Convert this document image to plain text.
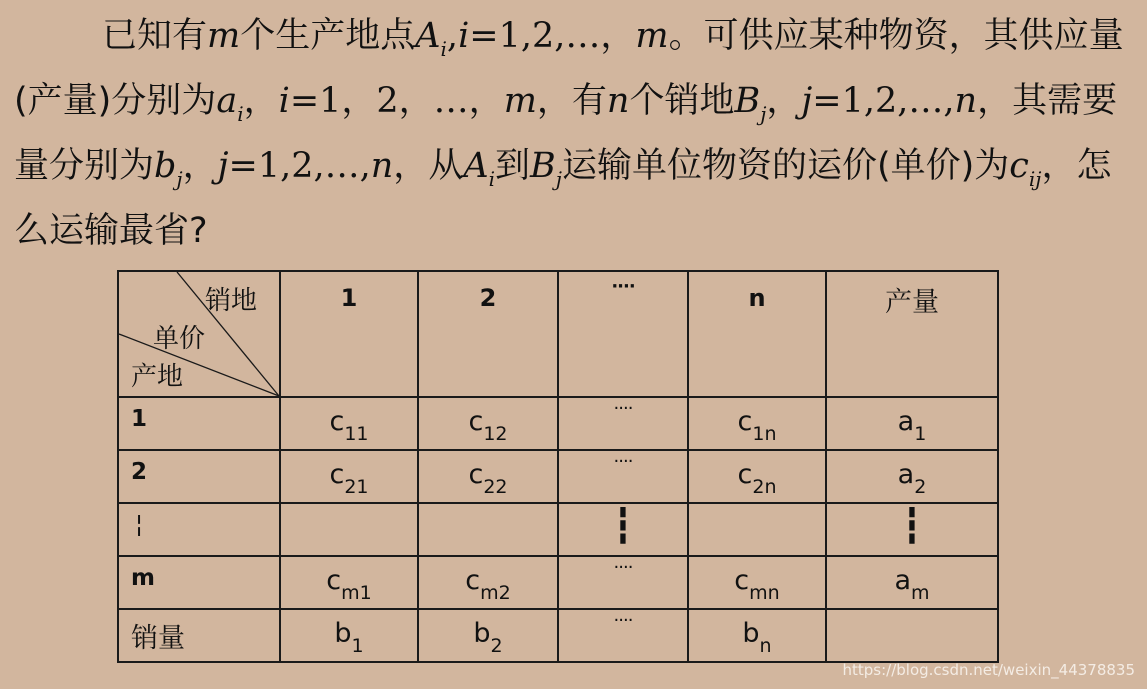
已知有m个生产地点$A_i,i=1,2,\dots$，m。可供应某种物资，其供应量(产量)分别为$a_i$，i=1，2，…，m，有n个销地$B_j$，j=1,2,…,n，其需要量分别为$b_j$，j=1,2,…,n，从$A_i$到$B_j$运输单位物资的运价(单价)为$c_{ij}$，怎么运输最省?
销地
单价
产地	1	2	····	n	产量

1	$c_{11}$	$c_{12}$	····	$c_{1n}$	$a_1$

2	$c_{21}$	$c_{22}$	····	$c_{2n}$	$a_2$

¦			┇		┇

m	$c_{m1}$	$c_{m2}$	····	$c_{mn}$	$a_m$

销量	$b_1$	$b_2$	····	$b_n$

https://blog.csdn.net/weixin_44378835
